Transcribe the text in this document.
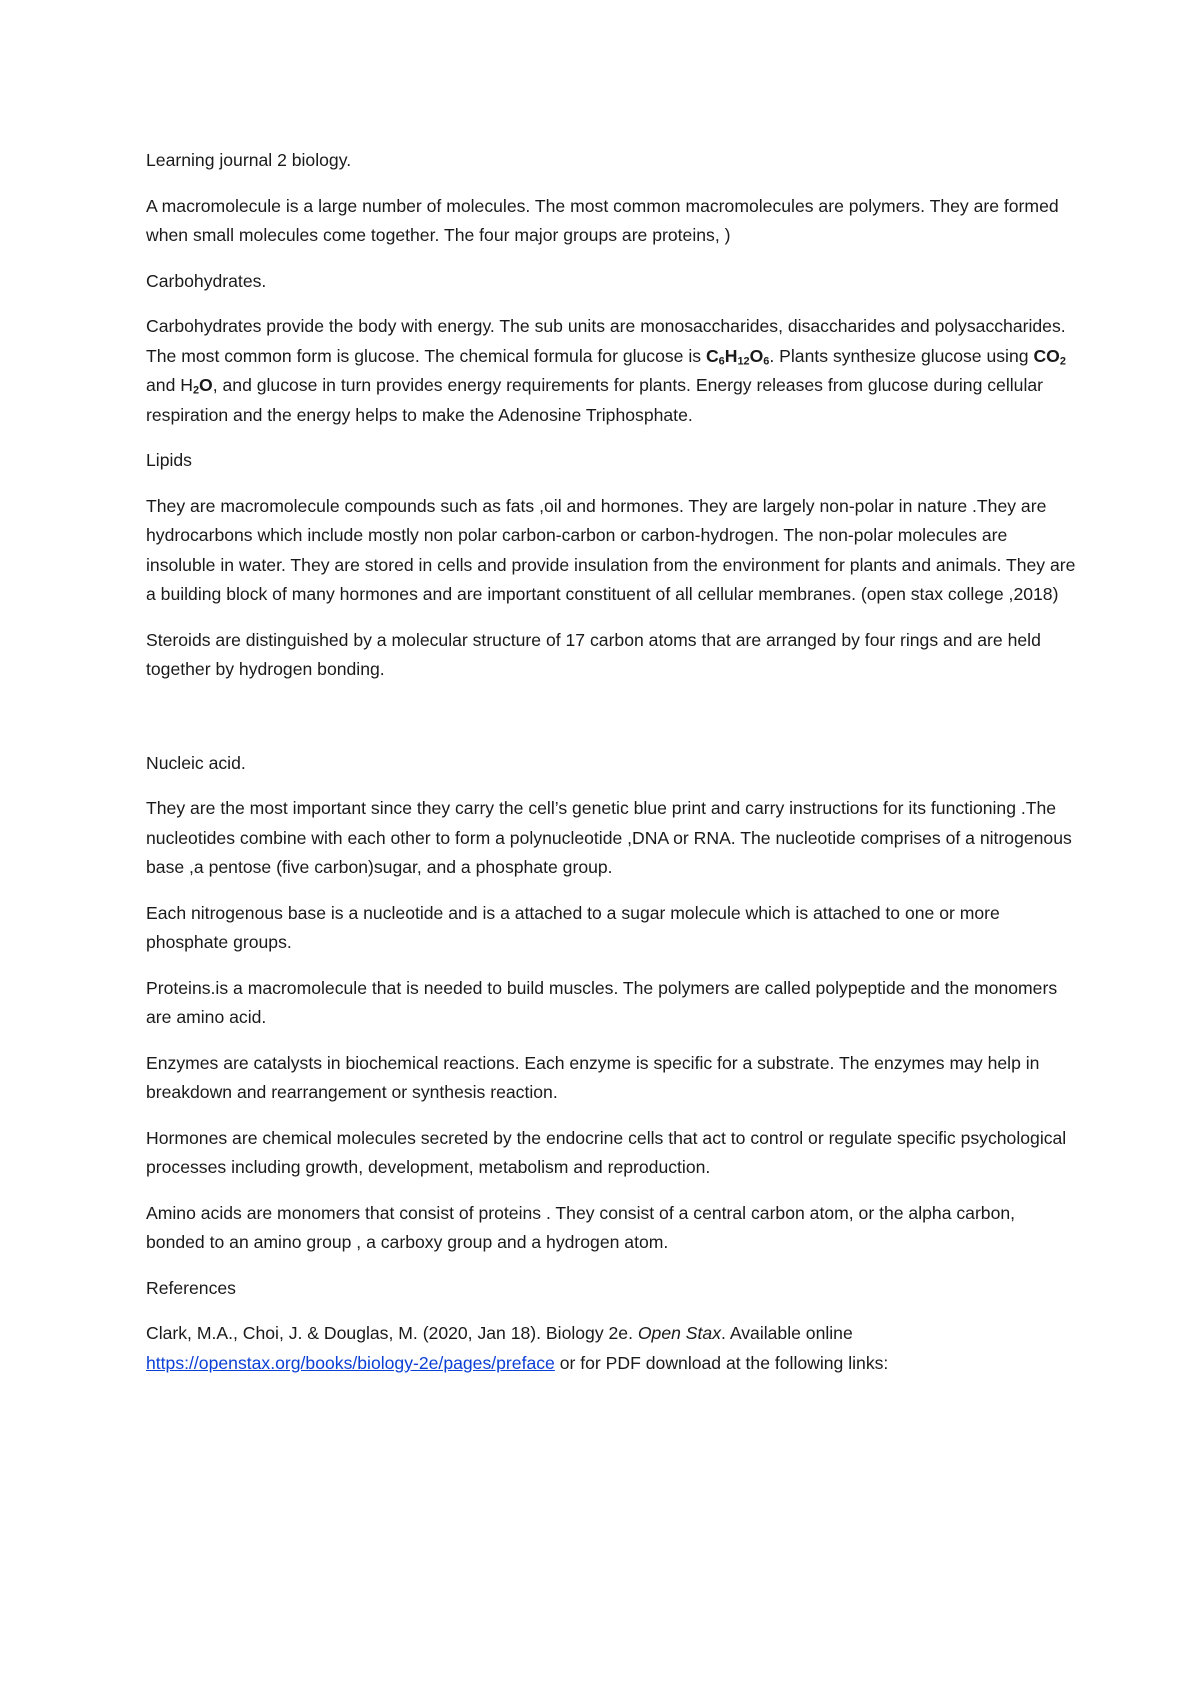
Learning journal 2 biology.

A macromolecule is a large number of molecules. The most common macromolecules are polymers. They are formed when small molecules come together. The four major groups are proteins, )

Carbohydrates.

Carbohydrates provide the body with energy. The sub units are monosaccharides, disaccharides and polysaccharides. The most common form is glucose. The chemical formula for glucose is $C_6H_{12}O_6$. Plants synthesize glucose using $CO_2$ and $H_2O$, and glucose in turn provides energy requirements for plants. Energy releases from glucose during cellular respiration and the energy helps to make the Adenosine Triphosphate.

Lipids

They are macromolecule compounds such as fats ,oil and hormones. They are largely non-polar in nature .They are hydrocarbons which include mostly non polar carbon-carbon or carbon-hydrogen. The non-polar molecules are insoluble in water. They are stored in cells and provide insulation from the environment for plants and animals. They are a building block of many hormones and are important constituent of all cellular membranes. (open stax college ,2018)

Steroids are distinguished by a molecular structure of 17 carbon atoms that are arranged by four rings and are held together by hydrogen bonding.

Nucleic acid.

They are the most important since they carry the cell’s genetic blue print and carry instructions for its functioning .The nucleotides combine with each other to form a polynucleotide ,DNA or RNA. The nucleotide comprises of a nitrogenous base ,a pentose (five carbon)sugar, and a phosphate group.

Each nitrogenous base is a nucleotide and is a attached to a sugar molecule which is attached to one or more phosphate groups.

Proteins.is a macromolecule that is needed to build muscles. The polymers are called polypeptide and the monomers are amino acid.

Enzymes are catalysts in biochemical reactions. Each enzyme is specific for a substrate. The enzymes may help in breakdown and rearrangement or synthesis reaction.

Hormones are chemical molecules secreted by the endocrine cells that act to control or regulate specific psychological processes including growth, development, metabolism and reproduction.

Amino acids are monomers that consist of proteins . They consist of a central carbon atom, or the alpha carbon, bonded to an amino group , a carboxy group and a hydrogen atom.

References

Clark, M.A., Choi, J. & Douglas, M. (2020, Jan 18). Biology 2e. Open Stax. Available online https://openstax.org/books/biology-2e/pages/preface or for PDF download at the following links:
